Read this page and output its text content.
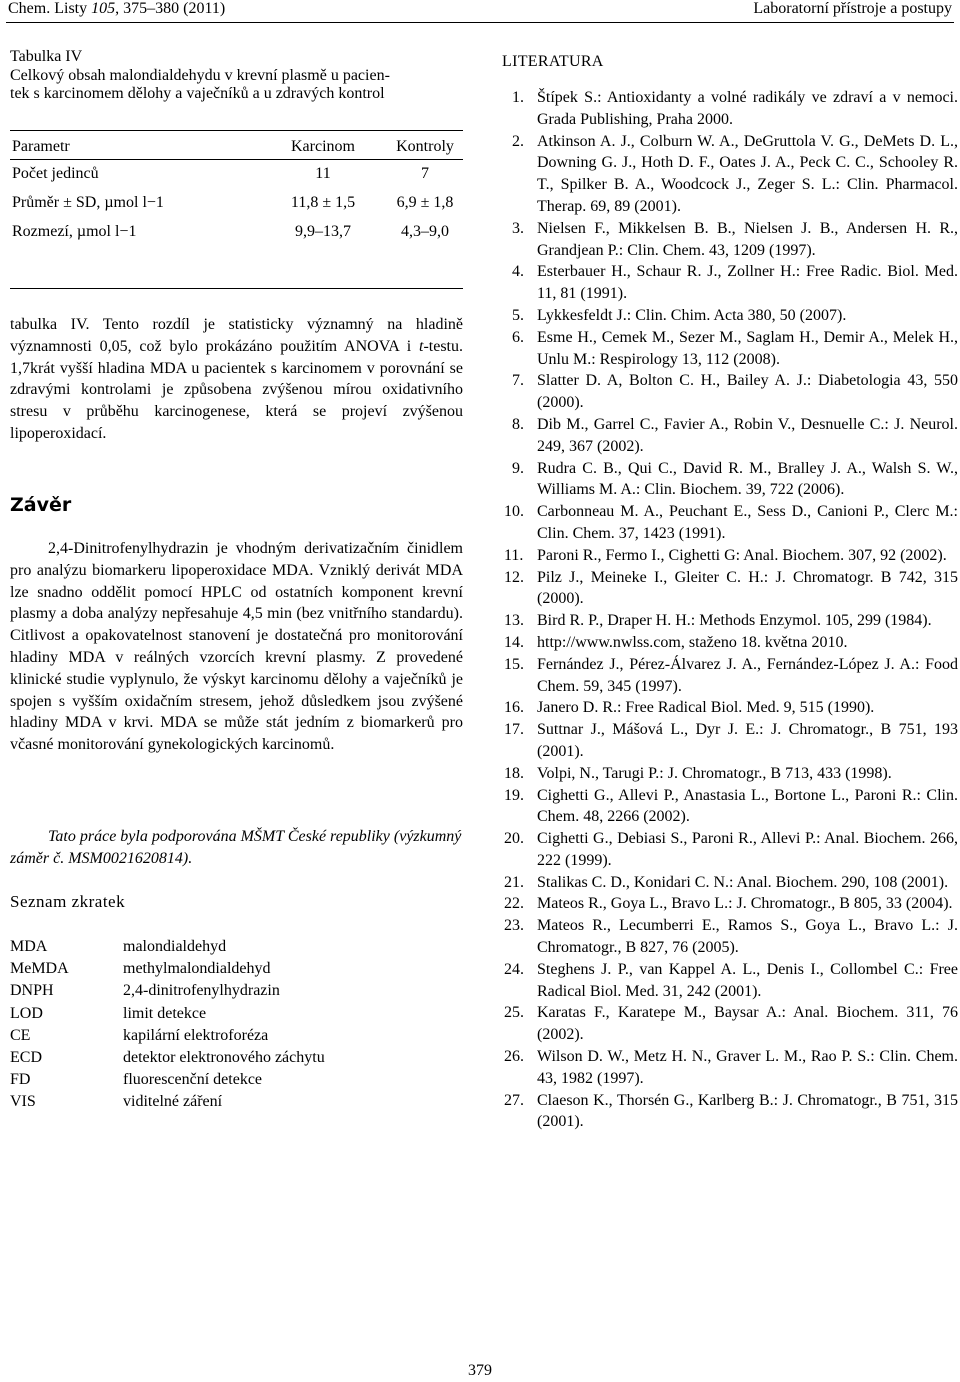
Chem. Listy 105, 375–380 (2011)	Laboratorní přístroje a postupy
Tabulka IV
Celkový obsah malondialdehydu v krevní plasmě u pacien-
tek s karcinomem dělohy a vaječníků a u zdravých kontrol
Parametr	Karcinom	Kontroly
Počet jedinců	11	7
Průměr ± SD, µmol l−1	11,8 ± 1,5	6,9 ± 1,8
Rozmezí, µmol l−1	9,9–13,7	4,3–9,0

tabulka IV. Tento rozdíl je statisticky významný na hladině významnosti 0,05, což bylo prokázáno použitím ANOVA i t-testu. 1,7krát vyšší hladina MDA u pacientek s karcinomem v porovnání se zdravými kontrolami je způsobena zvýšenou mírou oxidativního stresu v průběhu karcinogenese, která se projeví zvýšenou lipoperoxidací.

Závěr

2,4-Dinitrofenylhydrazin je vhodným derivatizačním činidlem pro analýzu biomarkeru lipoperoxidace MDA. Vzniklý derivát MDA lze snadno oddělit pomocí HPLC od ostatních komponent krevní plasmy a doba analýzy nepřesahuje 4,5 min (bez vnitřního standardu). Citlivost a opakovatelnost stanovení je dostatečná pro monitorování hladiny MDA v reálných vzorcích krevní plasmy. Z provedené klinické studie vyplynulo, že výskyt karcinomu dělohy a vaječníků je spojen s vyšším oxidačním stresem, jehož důsledkem jsou zvýšené hladiny MDA v krvi. MDA se může stát jedním z biomarkerů pro včasné monitorování gynekologických karcinomů.

Tato práce byla podporována MŠMT České republiky (výzkumný záměr č. MSM0021620814).
Seznam zkratek
MDA	malondialdehyd
MeMDA	methylmalondialdehyd
DNPH	2,4-dinitrofenylhydrazin
LOD	limit detekce
CE	kapilární elektroforéza
ECD	detektor elektronového záchytu
FD	fluorescenční detekce
VIS	viditelné záření
LITERATURA
1. Štípek S.: Antioxidanty a volné radikály ve zdraví a v nemoci. Grada Publishing, Praha 2000.
2. Atkinson A. J., Colburn W. A., DeGruttola V. G., DeMets D. L., Downing G. J., Hoth D. F., Oates J. A., Peck C. C., Schooley R. T., Spilker B. A., Woodcock J., Zeger S. L.: Clin. Pharmacol. Therap. 69, 89 (2001).
3. Nielsen F., Mikkelsen B. B., Nielsen J. B., Andersen H. R., Grandjean P.: Clin. Chem. 43, 1209 (1997).
4. Esterbauer H., Schaur R. J., Zollner H.: Free Radic. Biol. Med. 11, 81 (1991).
5. Lykkesfeldt J.: Clin. Chim. Acta 380, 50 (2007).
6. Esme H., Cemek M., Sezer M., Saglam H., Demir A., Melek H., Unlu M.: Respirology 13, 112 (2008).
7. Slatter D. A, Bolton C. H., Bailey A. J.: Diabetologia 43, 550 (2000).
8. Dib M., Garrel C., Favier A., Robin V., Desnuelle C.: J. Neurol. 249, 367 (2002).
9. Rudra C. B., Qui C., David R. M., Bralley J. A., Walsh S. W., Williams M. A.: Clin. Biochem. 39, 722 (2006).
10. Carbonneau M. A., Peuchant E., Sess D., Canioni P., Clerc M.: Clin. Chem. 37, 1423 (1991).
11. Paroni R., Fermo I., Cighetti G: Anal. Biochem. 307, 92 (2002).
12. Pilz J., Meineke I., Gleiter C. H.: J. Chromatogr. B 742, 315 (2000).
13. Bird R. P., Draper H. H.: Methods Enzymol. 105, 299 (1984).
14. http://www.nwlss.com, staženo 18. května 2010.
15. Fernández J., Pérez-Álvarez J. A., Fernández-López J. A.: Food Chem. 59, 345 (1997).
16. Janero D. R.: Free Radical Biol. Med. 9, 515 (1990).
17. Suttnar J., Mášová L., Dyr J. E.: J. Chromatogr., B 751, 193 (2001).
18. Volpi, N., Tarugi P.: J. Chromatogr., B 713, 433 (1998).
19. Cighetti G., Allevi P., Anastasia L., Bortone L., Paroni R.: Clin. Chem. 48, 2266 (2002).
20. Cighetti G., Debiasi S., Paroni R., Allevi P.: Anal. Biochem. 266, 222 (1999).
21. Stalikas C. D., Konidari C. N.: Anal. Biochem. 290, 108 (2001).
22. Mateos R., Goya L., Bravo L.: J. Chromatogr., B 805, 33 (2004).
23. Mateos R., Lecumberri E., Ramos S., Goya L., Bravo L.: J. Chromatogr., B 827, 76 (2005).
24. Steghens J. P., van Kappel A. L., Denis I., Collombel C.: Free Radical Biol. Med. 31, 242 (2001).
25. Karatas F., Karatepe M., Baysar A.: Anal. Biochem. 311, 76 (2002).
26. Wilson D. W., Metz H. N., Graver L. M., Rao P. S.: Clin. Chem. 43, 1982 (1997).
27. Claeson K., Thorsén G., Karlberg B.: J. Chromatogr., B 751, 315 (2001).
379
